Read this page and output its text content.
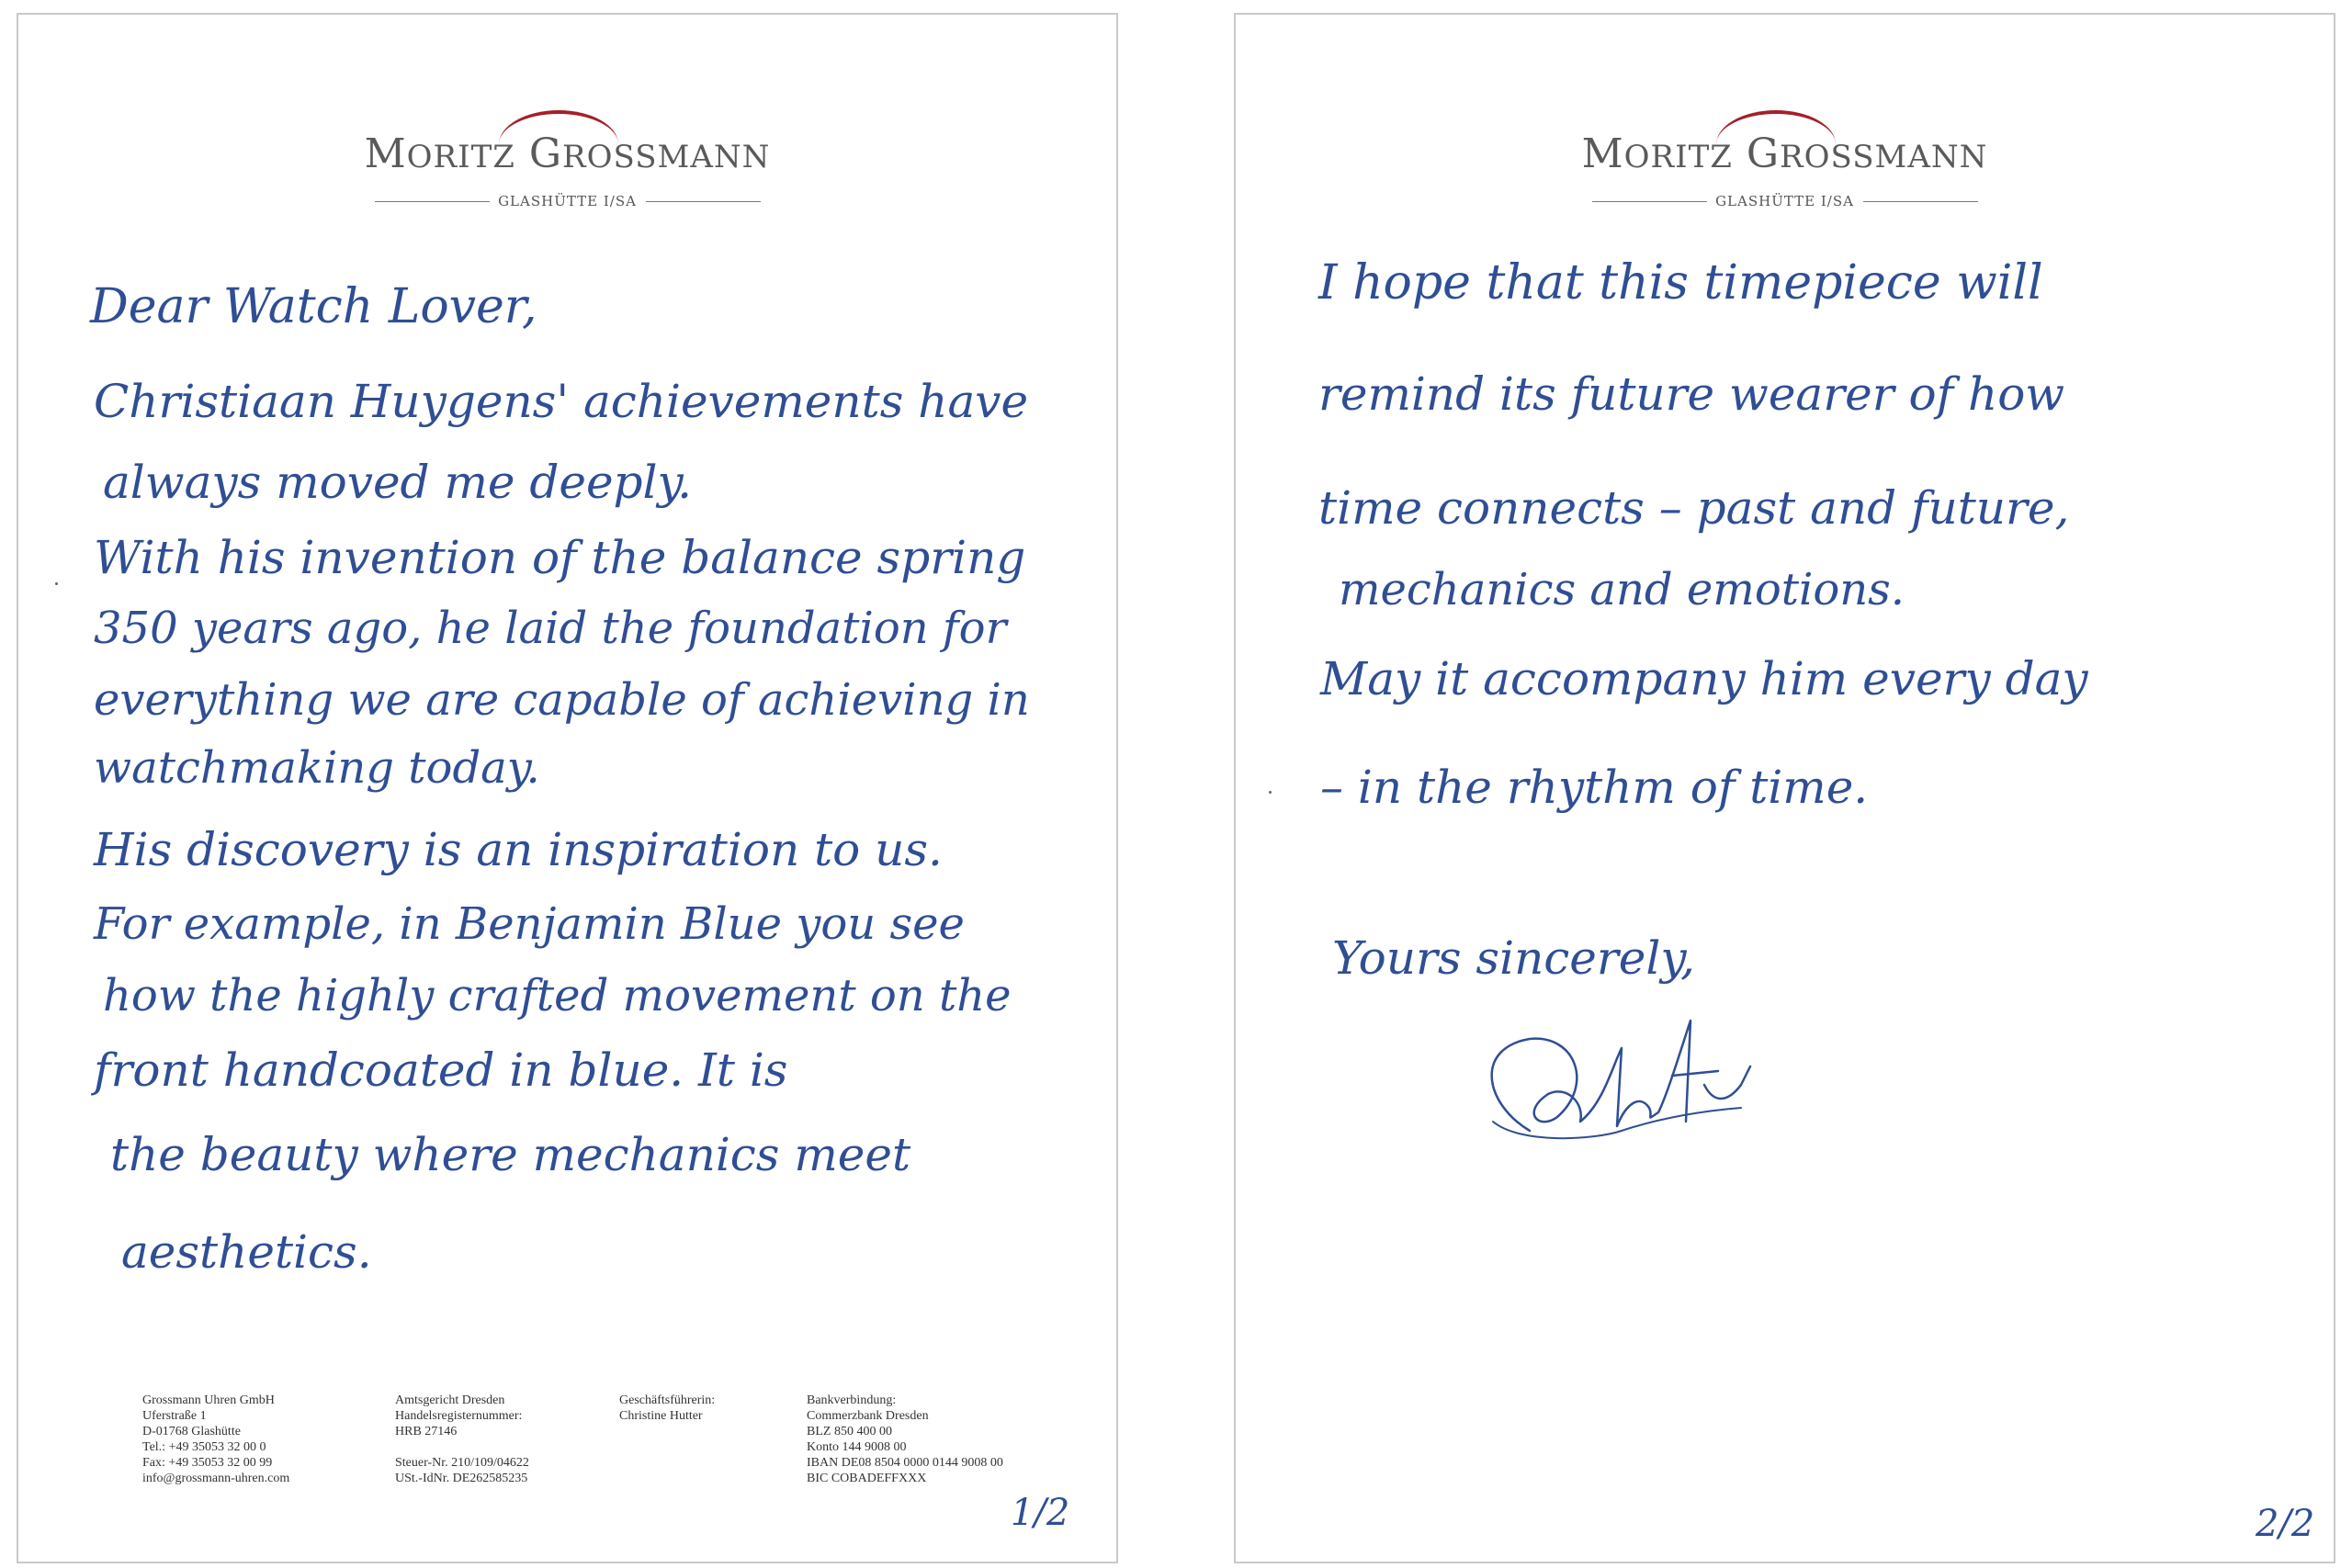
MORITZ GROSSMANN
GLASHÜTTE I/SA
Dear Watch Lover,
Christiaan Huygens' achievements have
always moved me deeply.
With his invention of the balance spring
350 years ago, he laid the foundation for
everything we are capable of achieving in
watchmaking today.
His discovery is an inspiration to us.
For example, in Benjamin Blue you see
how the highly crafted movement on the
front handcoated in blue. It is
the beauty where mechanics meet
aesthetics.
Grossmann Uhren GmbH
Uferstraße 1
D-01768 Glashütte
Tel.: +49 35053 32 00 0
Fax: +49 35053 32 00 99
info@grossmann-uhren.com
Amtsgericht Dresden
Handelsregisternummer:
HRB 27146
Steuer-Nr. 210/109/04622
USt.-IdNr. DE262585235
Geschäftsführerin:
Christine Hutter
Bankverbindung:
Commerzbank Dresden
BLZ 850 400 00
Konto 144 9008 00
IBAN DE08 8504 0000 0144 9008 00
BIC COBADEFFXXX
1/2
MORITZ GROSSMANN
GLASHÜTTE I/SA
I hope that this timepiece will
remind its future wearer of how
time connects – past and future,
mechanics and emotions.
May it accompany him every day
– in the rhythm of time.
Yours sincerely,
2/2
